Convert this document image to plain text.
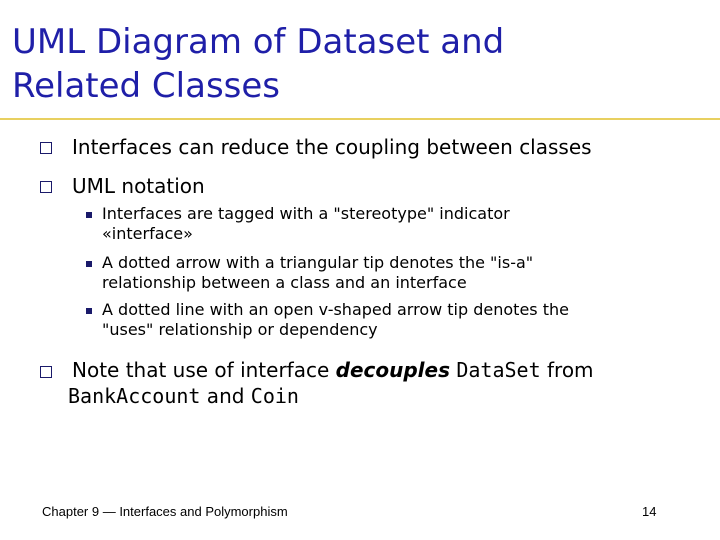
UML Diagram of Dataset and
Related Classes
Interfaces can reduce the coupling between classes
UML notation
Interfaces are tagged with a "stereotype" indicator
«interface»
A dotted arrow with a triangular tip denotes the "is-a"
relationship between a class and an interface
A dotted line with an open v-shaped arrow tip denotes the
"uses" relationship or dependency
Note that use of interface decouples DataSet from
BankAccount and Coin
Chapter 9 — Interfaces and Polymorphism	14
